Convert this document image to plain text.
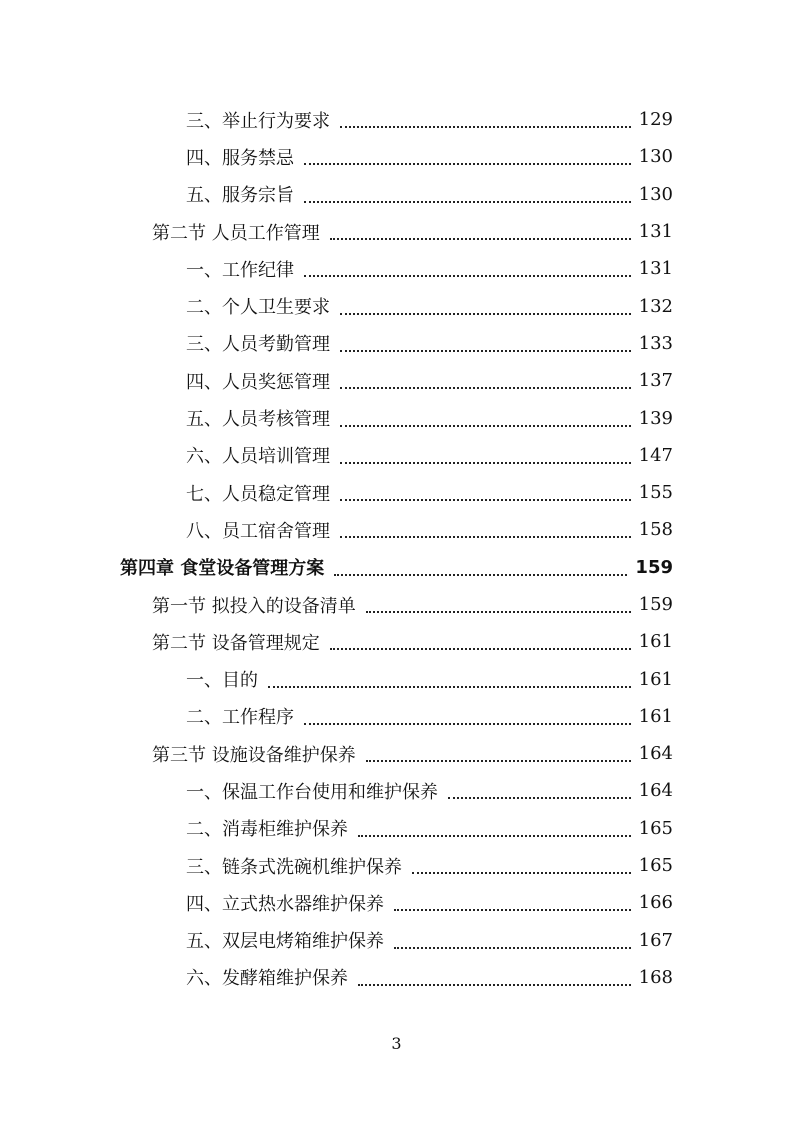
三、举止行为要求	129
四、服务禁忌	130
五、服务宗旨	130
第二节 人员工作管理	131
一、工作纪律	131
二、个人卫生要求	132
三、人员考勤管理	133
四、人员奖惩管理	137
五、人员考核管理	139
六、人员培训管理	147
七、人员稳定管理	155
八、员工宿舍管理	158
第四章 食堂设备管理方案	159
第一节 拟投入的设备清单	159
第二节 设备管理规定	161
一、目的	161
二、工作程序	161
第三节 设施设备维护保养	164
一、保温工作台使用和维护保养	164
二、消毒柜维护保养	165
三、链条式洗碗机维护保养	165
四、立式热水器维护保养	166
五、双层电烤箱维护保养	167
六、发酵箱维护保养	168
3
